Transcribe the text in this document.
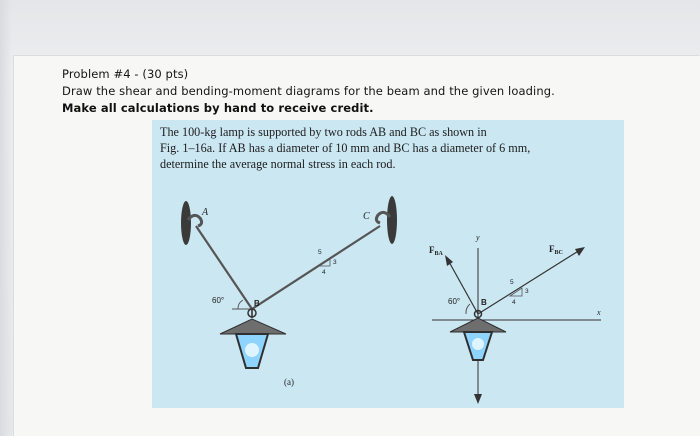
Problem #4 - (30 pts)
Draw the shear and bending-moment diagrams for the beam and the given loading.
Make all calculations by hand to receive credit.
The 100-kg lamp is supported by two rods AB and BC as shown in
Fig. 1–16a. If AB has a diameter of 10 mm and BC has a diameter of 6 mm,
determine the average normal stress in each rod.
A	C
60°	B
5
3
4
(a)
x
y
$F_{BA}$	$F_{BC}$
5
3
4
60°	B
